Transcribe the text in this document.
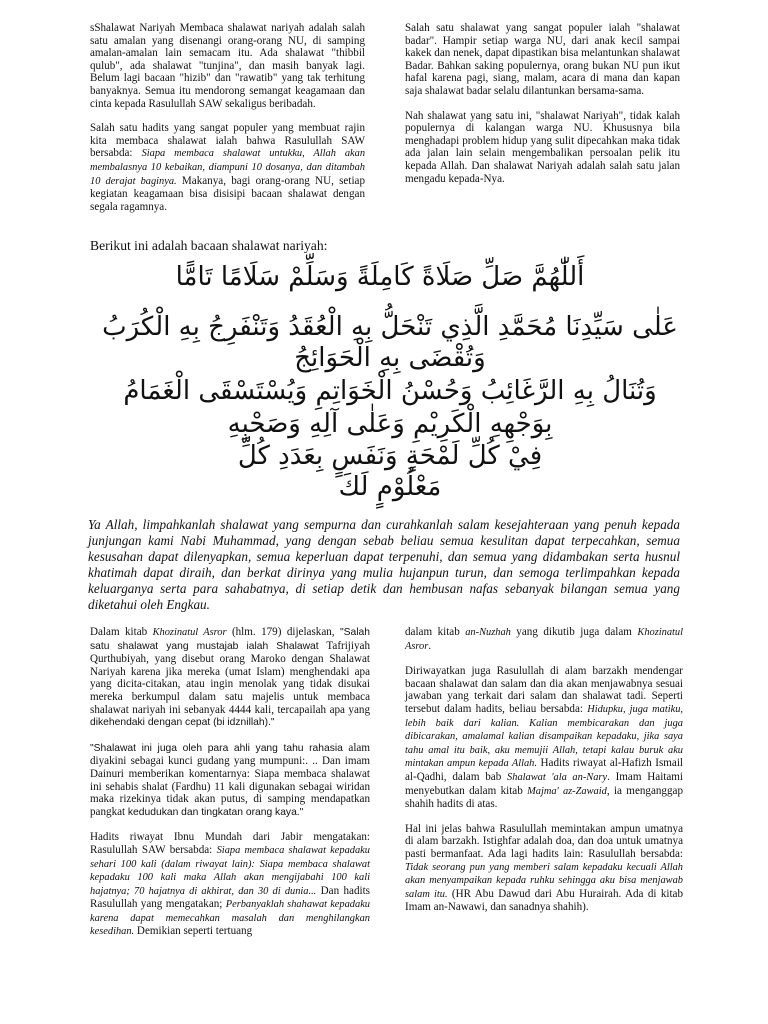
sShalawat Nariyah Membaca shalawat nariyah adalah salah satu amalan yang disenangi orang-orang NU, di samping amalan-amalan lain semacam itu. Ada shalawat "thibbil qulub", ada shalawat "tunjina", dan masih banyak lagi. Belum lagi bacaan "hizib" dan "rawatib" yang tak terhitung banyaknya. Semua itu mendorong semangat keagamaan dan cinta kepada Rasulullah SAW sekaligus beribadah.

Salah satu hadits yang sangat populer yang membuat rajin kita membaca shalawat ialah bahwa Rasulullah SAW bersabda: Siapa membaca shalawat untukku, Allah akan membalasnya 10 kebaikan, diampuni 10 dosanya, dan ditambah 10 derajat baginya. Makanya, bagi orang-orang NU, setiap kegiatan keagamaan bisa disisipi bacaan shalawat dengan segala ragamnya.

Salah satu shalawat yang sangat populer ialah "shalawat badar". Hampir setiap warga NU, dari anak kecil sampai kakek dan nenek, dapat dipastikan bisa melantunkan shalawat Badar. Bahkan saking populernya, orang bukan NU pun ikut hafal karena pagi, siang, malam, acara di mana dan kapan saja shalawat badar selalu dilantunkan bersama-sama.

Nah shalawat yang satu ini, "shalawat Nariyah", tidak kalah populernya di kalangan warga NU. Khususnya bila menghadapi problem hidup yang sulit dipecahkan maka tidak ada jalan lain selain mengembalikan persoalan pelik itu kepada Allah. Dan shalawat Nariyah adalah salah satu jalan mengadu kepada-Nya.

Berikut ini adalah bacaan shalawat nariyah:
أَللّٰهُمَّ صَلِّ صَلَاةً كَامِلَةً وَسَلِّمْ سَلَامًا تَامًّا
عَلٰى سَيِّدِنَا مُحَمَّدِ الَّذِي تَنْحَلُّ بِهِ الْعُقَدُ وَتَنْفَرِجُ بِهِ الْكُرَبُ
وَتُقْضَى بِهِ الْحَوَائِجُ
وَتُنَالُ بِهِ الرَّغَائِبُ وَحُسْنُ الْخَوَاتِمِ وَيُسْتَسْقَى الْغَمَامُ
بِوَجْهِهِ الْكَرِيْمِ وَعَلٰى آلِهِ وَصَحْبِهِ
فِيْ كُلِّ لَمْحَةٍ وَنَفَسٍ بِعَدَدِ كُلِّ
مَعْلُوْمٍ لَكَ
Ya Allah, limpahkanlah shalawat yang sempurna dan curahkanlah salam kesejahteraan yang penuh kepada junjungan kami Nabi Muhammad, yang dengan sebab beliau semua kesulitan dapat terpecahkan, semua kesusahan dapat dilenyapkan, semua keperluan dapat terpenuhi, dan semua yang didambakan serta husnul khatimah dapat diraih, dan berkat dirinya yang mulia hujanpun turun, dan semoga terlimpahkan kepada keluarganya serta para sahabatnya, di setiap detik dan hembusan nafas sebanyak bilangan semua yang diketahui oleh Engkau.

Dalam kitab Khozinatul Asror (hlm. 179) dijelaskan, "Salah satu shalawat yang mustajab ialah Shalawat Tafrijiyah Qurthubiyah, yang disebut orang Maroko dengan Shalawat Nariyah karena jika mereka (umat Islam) menghendaki apa yang dicita-citakan, atau ingin menolak yang tidak disukai mereka berkumpul dalam satu majelis untuk membaca shalawat nariyah ini sebanyak 4444 kali, tercapailah apa yang dikehendaki dengan cepat (bi idznillah)."

"Shalawat ini juga oleh para ahli yang tahu rahasia alam diyakini sebagai kunci gudang yang mumpuni:. .. Dan imam Dainuri memberikan komentarnya: Siapa membaca shalawat ini sehabis shalat (Fardhu) 11 kali digunakan sebagai wiridan maka rizekinya tidak akan putus, di samping mendapatkan pangkat kedudukan dan tingkatan orang kaya."

Hadits riwayat Ibnu Mundah dari Jabir mengatakan: Rasulullah SAW bersabda: Siapa membaca shalawat kepadaku sehari 100 kali (dalam riwayat lain): Siapa membaca shalawat kepadaku 100 kali maka Allah akan mengijabahi 100 kali hajatnya; 70 hajatnya di akhirat, dan 30 di dunia... Dan hadits Rasulullah yang mengatakan; Perbanyaklah shahawat kepadaku karena dapat memecahkan masalah dan menghilangkan kesedihan. Demikian seperti tertuang

dalam kitab an-Nuzhah yang dikutib juga dalam Khozinatul Asror.

Diriwayatkan juga Rasulullah di alam barzakh mendengar bacaan shalawat dan salam dan dia akan menjawabnya sesuai jawaban yang terkait dari salam dan shalawat tadi. Seperti tersebut dalam hadits, beliau bersabda: Hidupku, juga matiku, lebih baik dari kalian. Kalian membicarakan dan juga dibicarakan, amalamal kalian disampaikan kepadaku, jika saya tahu amal itu baik, aku memujii Allah, tetapi kalau buruk aku mintakan ampun kepada Allah. Hadits riwayat al-Hafizh Ismail al-Qadhi, dalam bab Shalawat 'ala an-Nary. Imam Haitami menyebutkan dalam kitab Majma' az-Zawaid, ia menganggap shahih hadits di atas.

Hal ini jelas bahwa Rasulullah memintakan ampun umatnya di alam barzakh. Istighfar adalah doa, dan doa untuk umatnya pasti bermanfaat. Ada lagi hadits lain: Rasulullah bersabda: Tidak seorang pun yang memberi salam kepadaku kecuali Allah akan menyampaikan kepada ruhku sehingga aku bisa menjawab salam itu. (HR Abu Dawud dari Abu Hurairah. Ada di kitab Imam an-Nawawi, dan sanadnya shahih).
